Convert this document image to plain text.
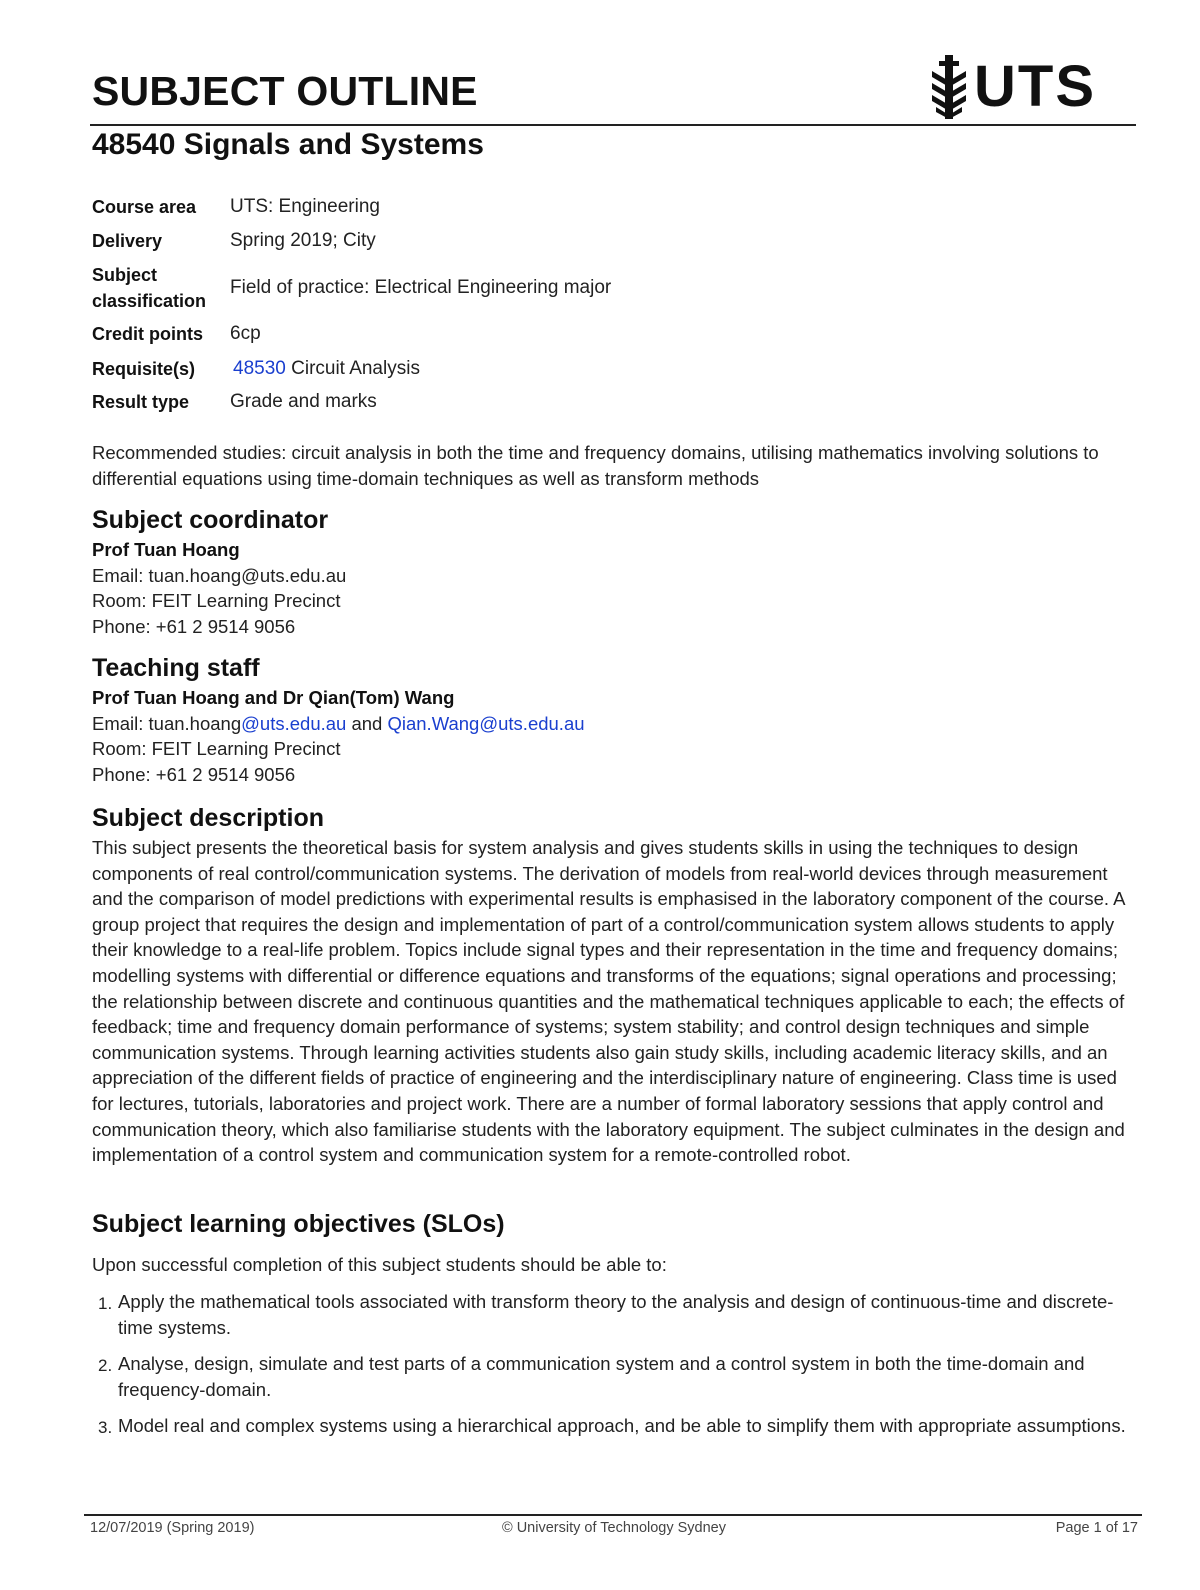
SUBJECT OUTLINE	UTS
48540 Signals and Systems
Course area	UTS: Engineering
Delivery	Spring 2019; City
Subject classification	Field of practice: Electrical Engineering major
Credit points	6cp
Requisite(s)	48530 Circuit Analysis
Result type	Grade and marks

Recommended studies: circuit analysis in both the time and frequency domains, utilising mathematics involving solutions to differential equations using time-domain techniques as well as transform methods

Subject coordinator
Prof Tuan Hoang
Email: tuan.hoang@uts.edu.au
Room: FEIT Learning Precinct
Phone: +61 2 9514 9056
Teaching staff
Prof Tuan Hoang and Dr Qian(Tom) Wang
Email: tuan.hoang@uts.edu.au and Qian.Wang@uts.edu.au
Room: FEIT Learning Precinct
Phone: +61 2 9514 9056
Subject description

This subject presents the theoretical basis for system analysis and gives students skills in using the techniques to design components of real control/communication systems. The derivation of models from real-world devices through measurement and the comparison of model predictions with experimental results is emphasised in the laboratory component of the course. A group project that requires the design and implementation of part of a control/communication system allows students to apply their knowledge to a real-life problem. Topics include signal types and their representation in the time and frequency domains; modelling systems with differential or difference equations and transforms of the equations; signal operations and processing; the relationship between discrete and continuous quantities and the mathematical techniques applicable to each; the effects of feedback; time and frequency domain performance of systems; system stability; and control design techniques and simple communication systems. Through learning activities students also gain study skills, including academic literacy skills, and an appreciation of the different fields of practice of engineering and the interdisciplinary nature of engineering. Class time is used for lectures, tutorials, laboratories and project work. There are a number of formal laboratory sessions that apply control and communication theory, which also familiarise students with the laboratory equipment. The subject culminates in the design and implementation of a control system and communication system for a remote-controlled robot.

Subject learning objectives (SLOs)

Upon successful completion of this subject students should be able to:

1. Apply the mathematical tools associated with transform theory to the analysis and design of continuous-time and discrete-time systems.
2. Analyse, design, simulate and test parts of a communication system and a control system in both the time-domain and frequency-domain.
3. Model real and complex systems using a hierarchical approach, and be able to simplify them with appropriate assumptions.
12/07/2019 (Spring 2019)	© University of Technology Sydney	Page 1 of 17
